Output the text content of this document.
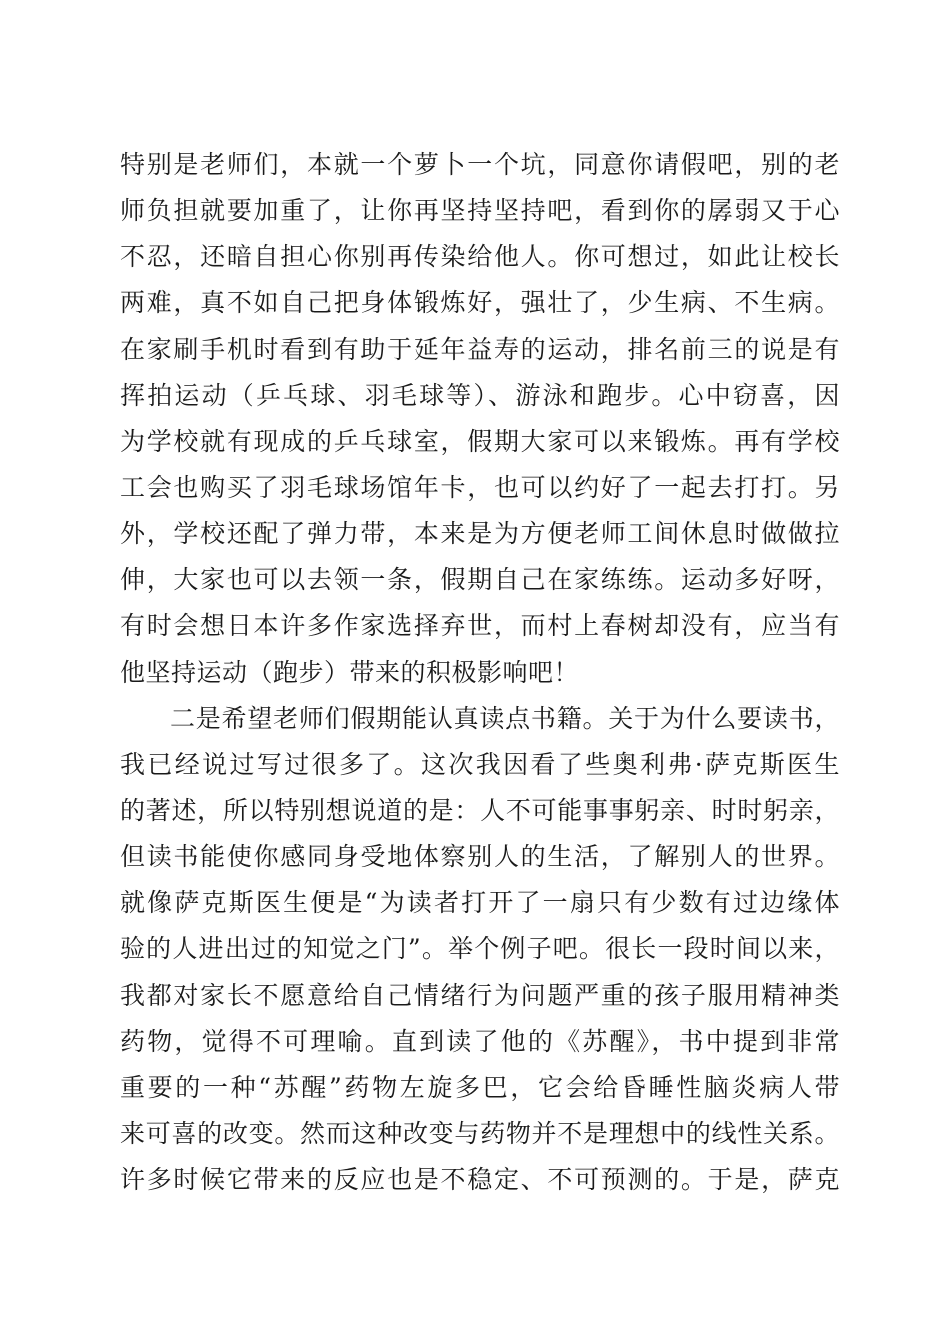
特别是老师们，本就一个萝卜一个坑，同意你请假吧，别的老
师负担就要加重了，让你再坚持坚持吧，看到你的孱弱又于心
不忍，还暗自担心你别再传染给他人。你可想过，如此让校长
两难，真不如自己把身体锻炼好，强壮了，少生病、不生病。
在家刷手机时看到有助于延年益寿的运动，排名前三的说是有
挥拍运动（乒乓球、羽毛球等）、游泳和跑步。心中窃喜，因
为学校就有现成的乒乓球室，假期大家可以来锻炼。再有学校
工会也购买了羽毛球场馆年卡，也可以约好了一起去打打。另
外，学校还配了弹力带，本来是为方便老师工间休息时做做拉
伸，大家也可以去领一条，假期自己在家练练。运动多好呀，
有时会想日本许多作家选择弃世，而村上春树却没有，应当有
他坚持运动（跑步）带来的积极影响吧！
二是希望老师们假期能认真读点书籍。关于为什么要读书，
我已经说过写过很多了。这次我因看了些奥利弗·萨克斯医生
的著述，所以特别想说道的是：人不可能事事躬亲、时时躬亲，
但读书能使你感同身受地体察别人的生活，了解别人的世界。
就像萨克斯医生便是“为读者打开了一扇只有少数有过边缘体
验的人进出过的知觉之门”。举个例子吧。很长一段时间以来，
我都对家长不愿意给自己情绪行为问题严重的孩子服用精神类
药物，觉得不可理喻。直到读了他的《苏醒》，书中提到非常
重要的一种“苏醒”药物左旋多巴，它会给昏睡性脑炎病人带
来可喜的改变。然而这种改变与药物并不是理想中的线性关系。
许多时候它带来的反应也是不稳定、不可预测的。于是，萨克
